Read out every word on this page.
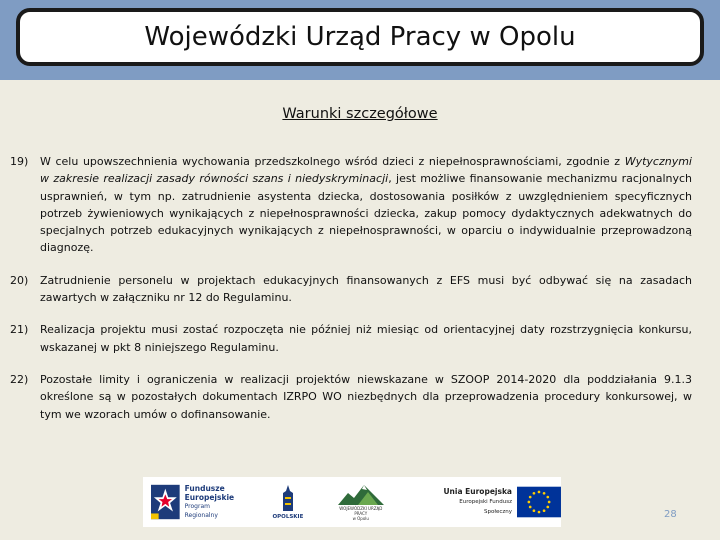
Wojewódzki Urząd Pracy w Opolu
Warunki szczegółowe
19)	W celu upowszechnienia wychowania przedszkolnego wśród dzieci z niepełnosprawnościami, zgodnie z Wytycznymi w zakresie realizacji zasady równości szans i niedyskryminacji, jest możliwe finansowanie mechanizmu racjonalnych usprawnień, w tym np. zatrudnienie asystenta dziecka, dostosowania posiłków z uwzględnieniem specyficznych potrzeb żywieniowych wynikających z niepełnosprawności dziecka, zakup pomocy dydaktycznych adekwatnych do specjalnych potrzeb edukacyjnych wynikających z niepełnosprawności, w oparciu o indywidualnie przeprowadzoną diagnozę.
20)	Zatrudnienie personelu w projektach edukacyjnych finansowanych z EFS musi być odbywać się na zasadach zawartych w załączniku nr 12 do Regulaminu.
21)	Realizacja projektu musi zostać rozpoczęta nie później niż miesiąc od orientacyjnej daty rozstrzygnięcia konkursu, wskazanej w pkt 8 niniejszego Regulaminu.
22)	Pozostałe limity i ograniczenia w realizacji projektów niewskazane w SZOOP 2014-2020 dla poddziałania 9.1.3 określone są w pozostałych dokumentach IZRPO WO niezbędnych dla przeprowadzenia procedury konkursowej, w tym we wzorach umów o dofinansowanie.
Fundusze
Europejskie
Program Regionalny	OPOLSKIE
WOJEWÓDZKI URZĄD PRACY
w Opolu
Unia Europejska
Europejski Fundusz Społeczny	28
